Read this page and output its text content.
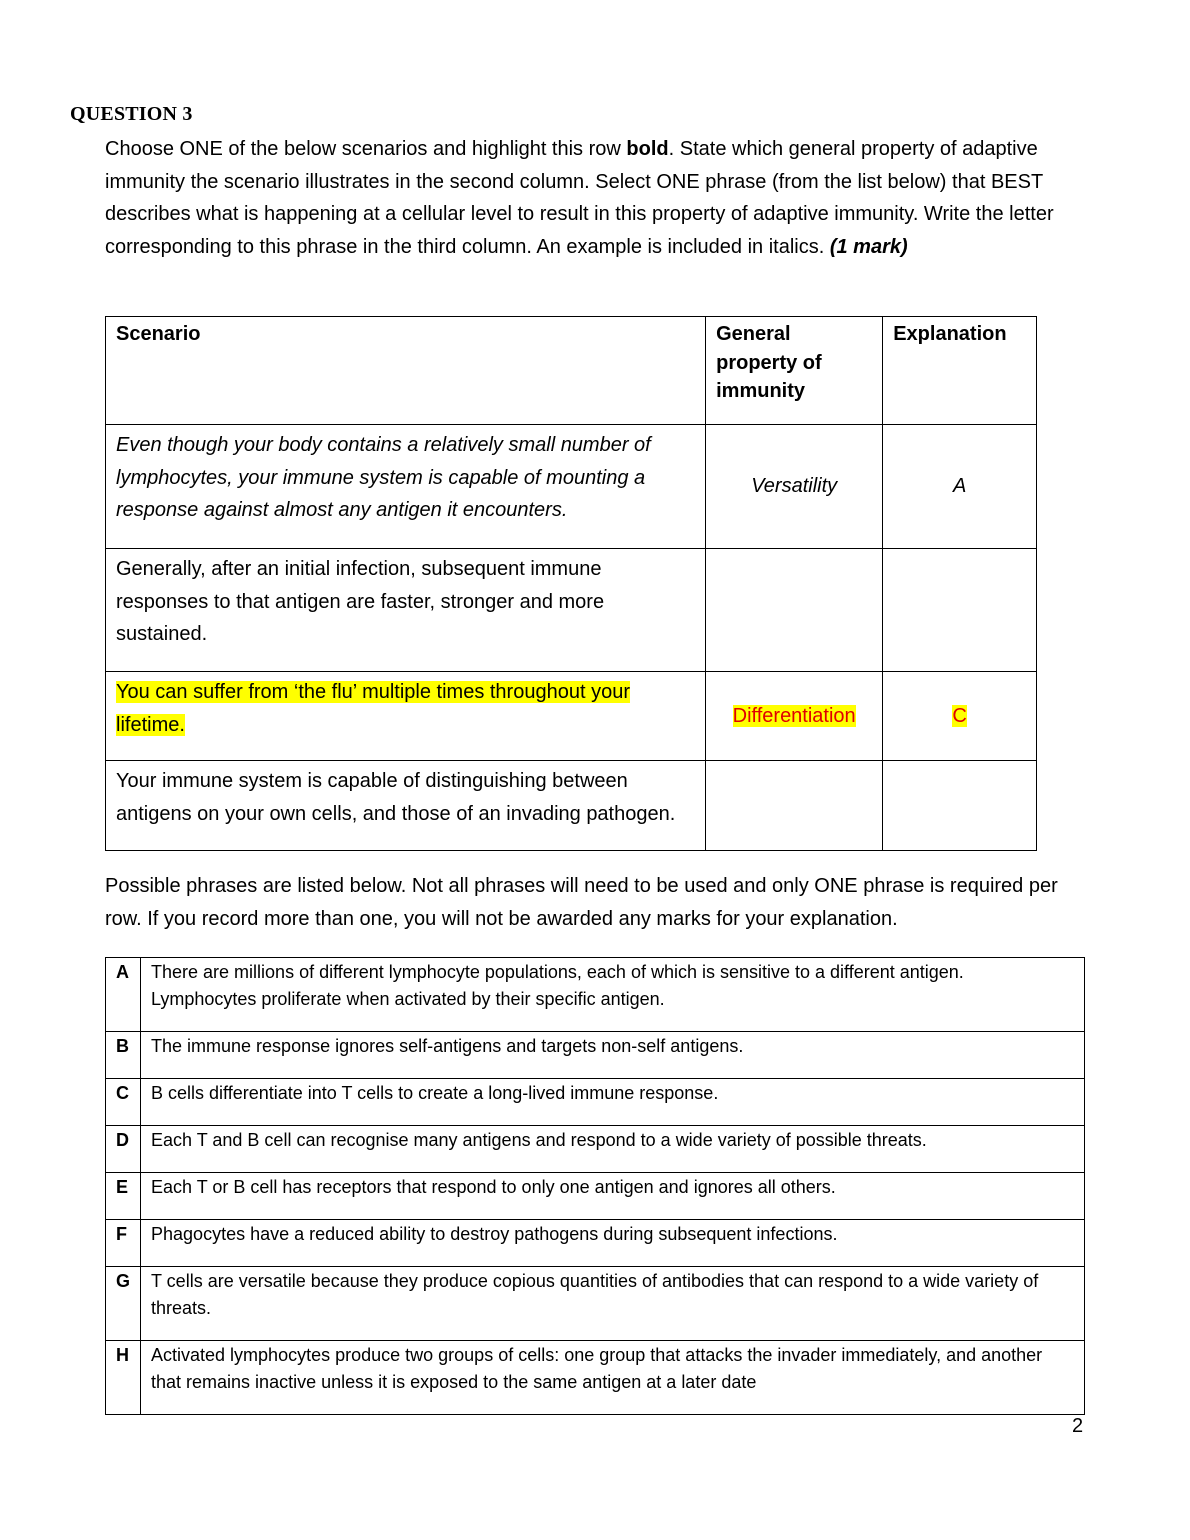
QUESTION 3
Choose ONE of the below scenarios and highlight this row bold. State which general property of adaptive immunity the scenario illustrates in the second column. Select ONE phrase (from the list below) that BEST describes what is happening at a cellular level to result in this property of adaptive immunity. Write the letter corresponding to this phrase in the third column. An example is included in italics. (1 mark)
Scenario	General property of immunity	Explanation
Even though your body contains a relatively small number of lymphocytes, your immune system is capable of mounting a response against almost any antigen it encounters.	Versatility	A
Generally, after an initial infection, subsequent immune responses to that antigen are faster, stronger and more sustained.		
You can suffer from ‘the flu’ multiple times throughout your lifetime.	Differentiation	C
Your immune system is capable of distinguishing between antigens on your own cells, and those of an invading pathogen.		
Possible phrases are listed below. Not all phrases will need to be used and only ONE phrase is required per row. If you record more than one, you will not be awarded any marks for your explanation.
A	There are millions of different lymphocyte populations, each of which is sensitive to a different antigen. Lymphocytes proliferate when activated by their specific antigen.
B	The immune response ignores self-antigens and targets non-self antigens.
C	B cells differentiate into T cells to create a long-lived immune response.
D	Each T and B cell can recognise many antigens and respond to a wide variety of possible threats.
E	Each T or B cell has receptors that respond to only one antigen and ignores all others.
F	Phagocytes have a reduced ability to destroy pathogens during subsequent infections.
G	T cells are versatile because they produce copious quantities of antibodies that can respond to a wide variety of threats.
H	Activated lymphocytes produce two groups of cells: one group that attacks the invader immediately, and another that remains inactive unless it is exposed to the same antigen at a later date
2
